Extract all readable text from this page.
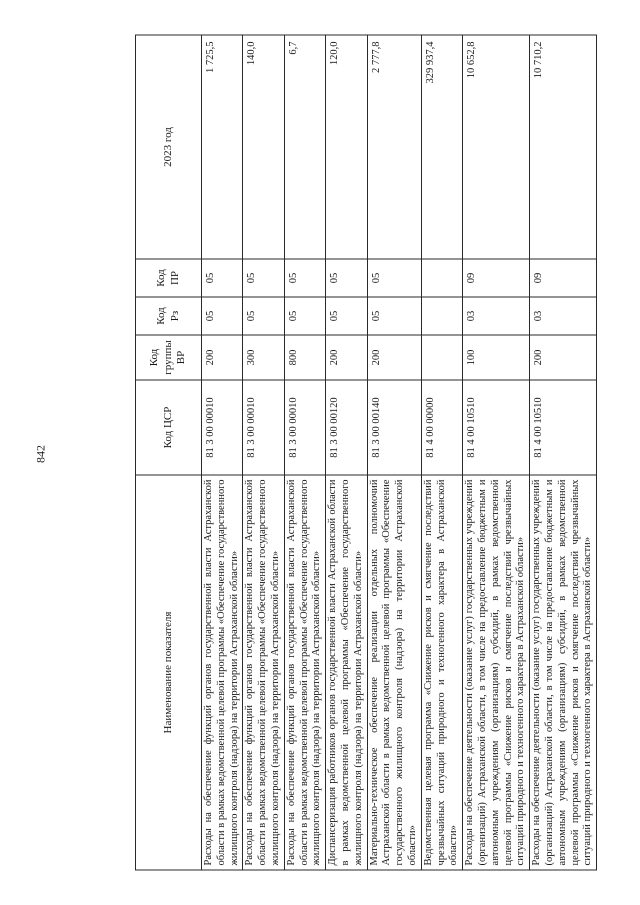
842
Наименование показателя	Код ЦСР	Код группы ВР	Код Рз	Код ПР	2023 год
Расходы на обеспечение функций органов государственной власти Астраханской области в рамках ведомственной целевой программы «Обеспечение государственного жилищного контроля (надзора) на территории Астраханской области»	81 3 00 00010	200	05	05	1 725,5
Расходы на обеспечение функций органов государственной власти Астраханской области в рамках ведомственной целевой программы «Обеспечение государственного жилищного контроля (надзора) на территории Астраханской области»	81 3 00 00010	300	05	05	140,0
Расходы на обеспечение функций органов государственной власти Астраханской области в рамках ведомственной целевой программы «Обеспечение государственного жилищного контроля (надзора) на территории Астраханской области»	81 3 00 00010	800	05	05	6,7
Диспансеризация работников органов государственной власти Астраханской области в рамках ведомственной целевой программы «Обеспечение государственного жилищного контроля (надзора) на территории Астраханской области»	81 3 00 00120	200	05	05	120,0
Материально-техническое обеспечение реализации отдельных полномочий Астраханской области в рамках ведомственной целевой программы «Обеспечение государственного жилищного контроля (надзора) на территории Астраханской области»	81 3 00 00140	200	05	05	2 777,8
Ведомственная целевая программа «Снижение рисков и смягчение последствий чрезвычайных ситуаций природного и техногенного характера в Астраханской области»	81 4 00 00000				329 937,4
Расходы на обеспечение деятельности (оказание услуг) государственных учреждений (организаций) Астраханской области, в том числе на предоставление бюджетным и автономным учреждениям (организациям) субсидий, в рамках ведомственной целевой программы «Снижение рисков и смягчение последствий чрезвычайных ситуаций природного и техногенного характера в Астраханской области»	81 4 00 10510	100	03	09	10 652,8
Расходы на обеспечение деятельности (оказание услуг) государственных учреждений (организаций) Астраханской области, в том числе на предоставление бюджетным и автономным учреждениям (организациям) субсидий, в рамках ведомственной целевой программы «Снижение рисков и смягчение последствий чрезвычайных ситуаций природного и техногенного характера в Астраханской области»	81 4 00 10510	200	03	09	10 710,2
